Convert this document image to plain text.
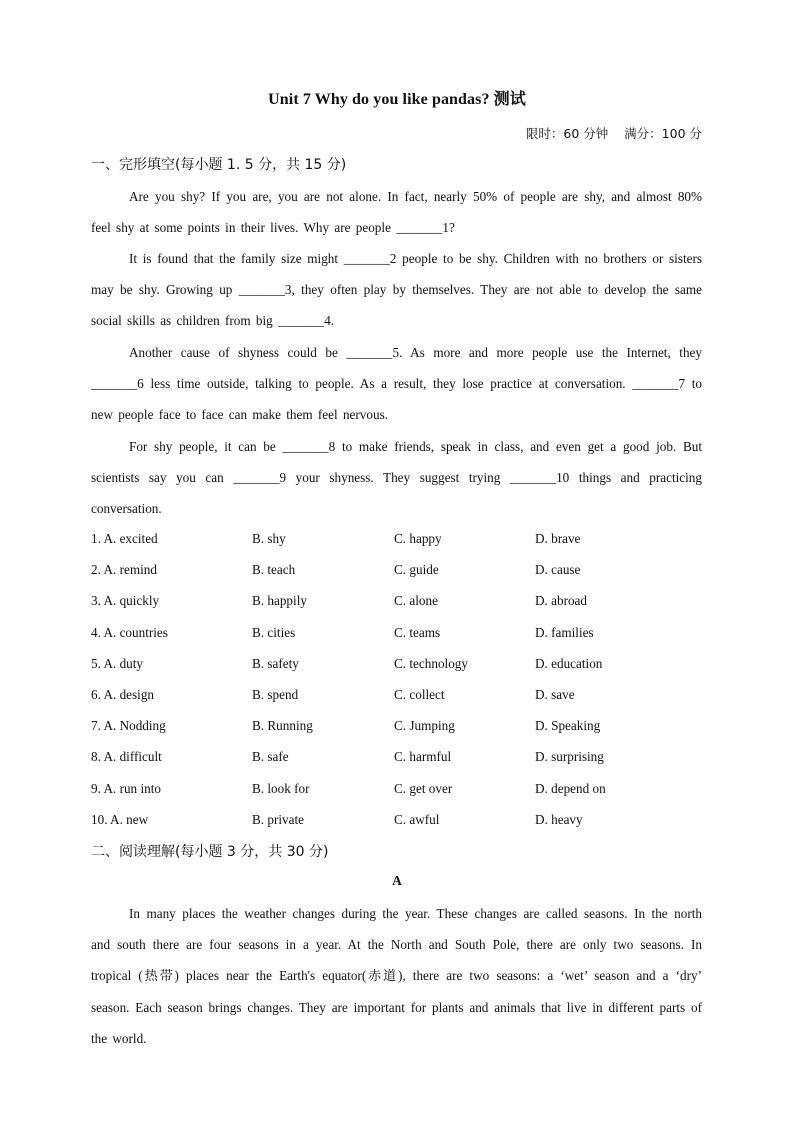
Unit 7 Why do you like pandas? 测试
限时：60 分钟    满分：100 分
一、完形填空(每小题 1. 5 分，共 15 分)
Are you shy? If you are, you are not alone. In fact, nearly 50% of people are shy, and almost 80% feel shy at some points in their lives. Why are people _______1?
It is found that the family size might _______2 people to be shy. Children with no brothers or sisters may be shy. Growing up _______3, they often play by themselves. They are not able to develop the same social skills as children from big _______4.
Another cause of shyness could be _______5. As more and more people use the Internet, they _______6 less time outside, talking to people. As a result, they lose practice at conversation. _______7 to new people face to face can make them feel nervous.
For shy people, it can be _______8 to make friends, speak in class, and even get a good job. But scientists say you can _______9 your shyness. They suggest trying _______10 things and practicing conversation.
1. A. excited	B. shy	C. happy	D. brave
2. A. remind	B. teach	C. guide	D. cause
3. A. quickly	B. happily	C. alone	D. abroad
4. A. countries	B. cities	C. teams	D. families
5. A. duty	B. safety	C. technology	D. education
6. A. design	B. spend	C. collect	D. save
7. A. Nodding	B. Running	C. Jumping	D. Speaking
8. A. difficult	B. safe	C. harmful	D. surprising
9. A. run into	B. look for	C. get over	D. depend on
10. A. new	B. private	C. awful	D. heavy
二、阅读理解(每小题 3 分，共 30 分)
A
In many places the weather changes during the year. These changes are called seasons. In the north and south there are four seasons in a year. At the North and South Pole, there are only two seasons. In tropical (热带) places near the Earth's equator(赤道), there are two seasons: a ‘wet’ season and a ‘dry’ season. Each season brings changes. They are important for plants and animals that live in different parts of the world.
